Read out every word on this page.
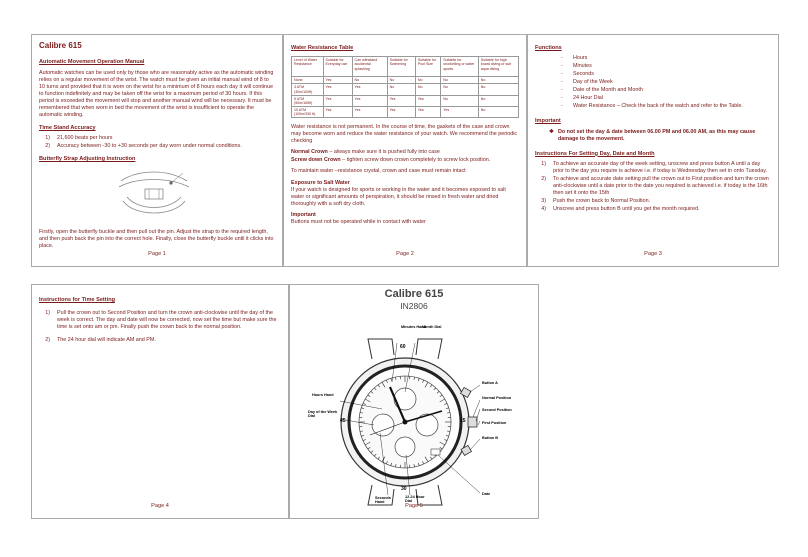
Calibre 615
Automatic Movement Operation Manual

Automatic watches can be used only by those who are reasonably active as the automatic winding relies on a regular movement of the wrist. The watch must be given an initial manual wind of 8 to 10 turns and provided that it is worn on the wrist for a minimum of 8 hours each day it will continue to function indefinitely and may be taken off the wrist for a maximum period of 30 hours. If this period is exceeded the movement will stop and another manual wind will be necessary. It must be remembered that when worn in bed the movement of the wrist is insufficient to operate the automatic winding.

Time Stand Accuracy
1)	21,600 beats per hours
2)	Accuracy between -30 to +30 seconds per day worn under normal conditions.
Butterfly Strap Adjusting Instruction

Firstly, open the butterfly buckle and then pull out the pin. Adjust the strap to the required length, and then push back the pin into the correct hole. Finally, close the butterfly buckle until it clicks into place.

Page 1
Water Resistance Table
Level of Water Resistance	Suitable for Everyday use	Can withstand accidental splashing	Suitable for Swimming	Suitable for Pool Size	Suitable for snorkelling or water sports	Suitable for high board diving or sub aqua diving
None	Yes	No	No	No	No	No
3 ATM (30m/100ft)	Yes	Yes	No	No	No	No
5 ATM (50m/165ft)	Yes	Yes	Yes	Yes	No	No
10 ATM (100m/330 ft)	Yes	Yes	Yes	Yes	Yes	No

Water resistance is not permanent. In the course of time, the gaskets of the case and crown may become worn and reduce the water resistance of your watch. We recommend the periodic checking

Normal Crown – always make sure it is pushed fully into case

Screw down Crown – tighten screw down crown completely to screw lock position.

To maintain water –resistance crystal, crown and case must remain intact

Exposure to Salt Water

If your watch is designed for sports or working in the water and it becomes exposed to salt water or significant amounts of perspiration, it should be rinsed in fresh water and dried thoroughly with a soft dry cloth.

Important

Buttons must not be operated while in contact with water

Page 2
Functions
-	Hours
-	Minutes
-	Seconds
-	Day of the Week
-	Date of the Month and Month
-	24 Hour Dial
-	Water Resistance – Check the back of the watch and refer to the Table.
Important
❖ Do not set the day & date between 06.00 PM and 06.00 AM, as this may cause damage to the movement.
Instructions For Setting Day, Date and Month
1)	To achieve an accurate day of the week setting, unscrew and press button A until a day prior to the day you require is achieve i.e. if today is Wednesday then set in onto Tuesday.
2)	To achieve and accurate date setting pull the crown out to First position and turn the crown anti-clockwise until a date prior to the date you required is achieved i.e. if today is the 16th then set it onto the 15th
3)	Push the crown back to Normal Position.
4)	Unscrew and press button B until you get the month required.
Page 3
Instructions for Time Setting
1)	Pull the crown out to Second Position and turn the crown anti-clockwise until the day of the week is correct. The day and date will now be corrected, now set the time but make sure the time is set onto am or pm. Finally push the crown back to the normal position.
2)	The 24 hour dial will indicate AM and PM.
Page 4
Calibre 615
IN2806
Minutes Hand
Month Dial
Button A
Normal Position
Second Position
First Position
Button B
Hours Hand
Day of the Week Dial
Seconds Hand
12-24 Hour Dial
Date
60
15
30
45
Page 5
